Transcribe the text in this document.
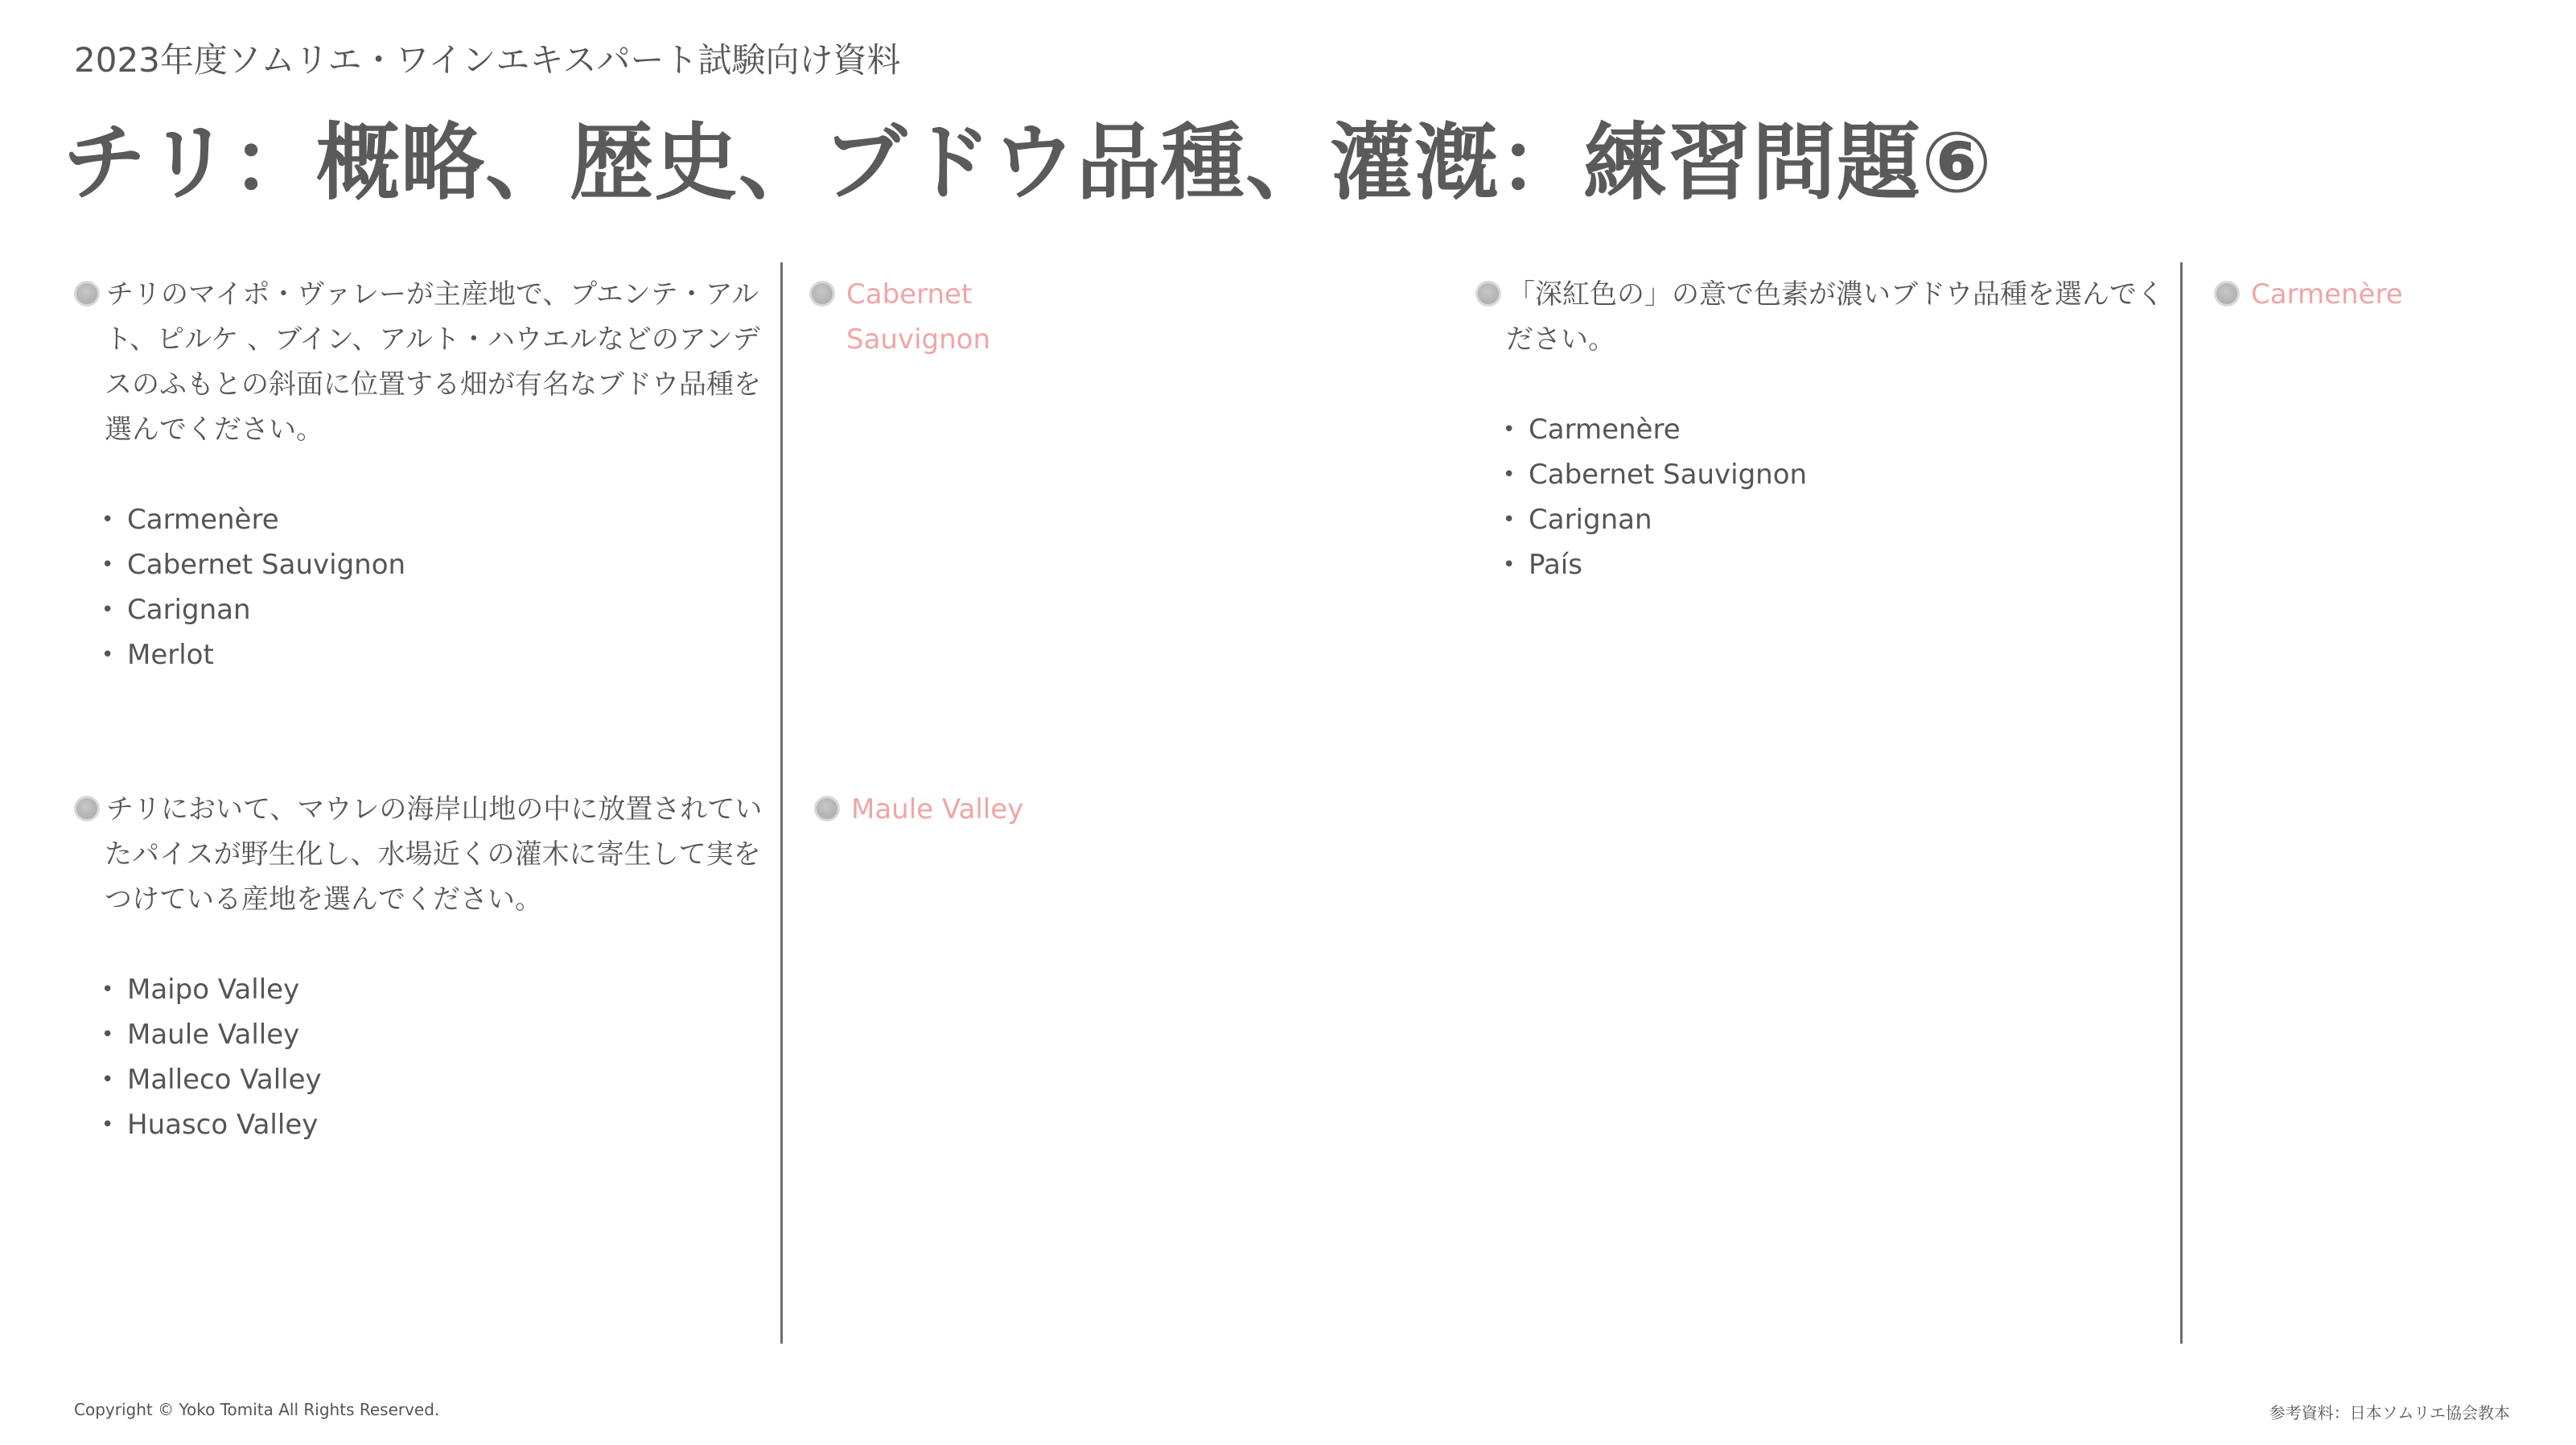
2023年度ソムリエ・ワインエキスパート試験向け資料
チリ：概略、歴史、ブドウ品種、灌漑：練習問題⑥
チリのマイポ・ヴァレーが主産地で、プエンテ・アルト、ピルケ 、ブイン、アルト・ハウエルなどのアンデスのふもとの斜面に位置する畑が有名なブドウ品種を選んでください。
• Carmenère
• Cabernet Sauvignon
• Carignan
• Merlot
Cabernet Sauvignon
チリにおいて、マウレの海岸山地の中に放置されていたパイスが野生化し、水場近くの灌木に寄生して実をつけている産地を選んでください。
• Maipo Valley
• Maule Valley
• Malleco Valley
• Huasco Valley
Maule Valley
「深紅色の」の意で色素が濃いブドウ品種を選んでください。
• Carmenère
• Cabernet Sauvignon
• Carignan
• País
Carmenère
Copyright © Yoko Tomita All Rights Reserved.	参考資料：日本ソムリエ協会教本
